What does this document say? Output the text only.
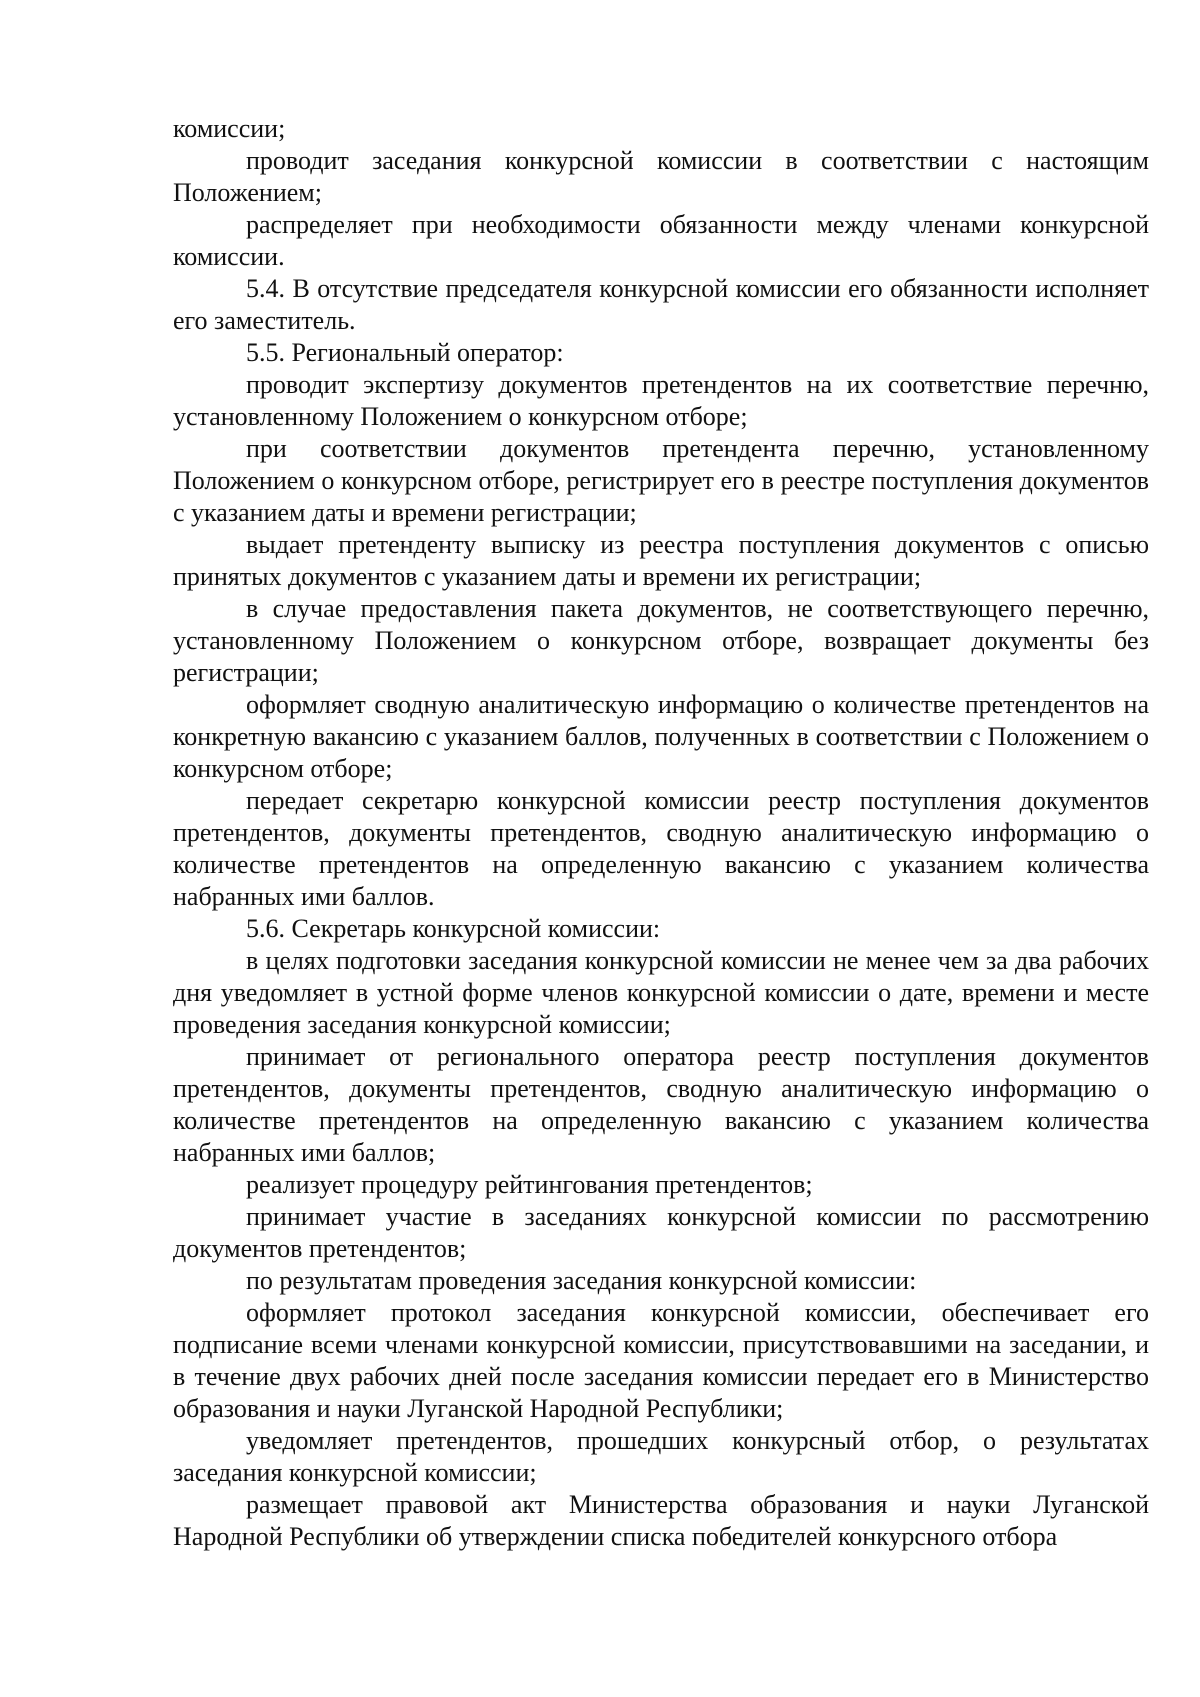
комиссии;

проводит заседания конкурсной комиссии в соответствии с настоящим Положением;

распределяет при необходимости обязанности между членами конкурсной комиссии.

5.4. В отсутствие председателя конкурсной комиссии его обязанности исполняет его заместитель.

5.5. Региональный оператор:

проводит экспертизу документов претендентов на их соответствие перечню, установленному Положением о конкурсном отборе;

при соответствии документов претендента перечню, установленному Положением о конкурсном отборе, регистрирует его в реестре поступления документов с указанием даты и времени регистрации;

выдает претенденту выписку из реестра поступления документов с описью принятых документов с указанием даты и времени их регистрации;

в случае предоставления пакета документов, не соответствующего перечню, установленному Положением о конкурсном отборе, возвращает документы без регистрации;

оформляет сводную аналитическую информацию о количестве претендентов на конкретную вакансию с указанием баллов, полученных в соответствии с Положением о конкурсном отборе;

передает секретарю конкурсной комиссии реестр поступления документов претендентов, документы претендентов, сводную аналитическую информацию о количестве претендентов на определенную вакансию с указанием количества набранных ими баллов.

5.6. Секретарь конкурсной комиссии:

в целях подготовки заседания конкурсной комиссии не менее чем за два рабочих дня уведомляет в устной форме членов конкурсной комиссии о дате, времени и месте проведения заседания конкурсной комиссии;

принимает от регионального оператора реестр поступления документов претендентов, документы претендентов, сводную аналитическую информацию о количестве претендентов на определенную вакансию с указанием количества набранных ими баллов;

реализует процедуру рейтингования претендентов;

принимает участие в заседаниях конкурсной комиссии по рассмотрению документов претендентов;

по результатам проведения заседания конкурсной комиссии:

оформляет протокол заседания конкурсной комиссии, обеспечивает его подписание всеми членами конкурсной комиссии, присутствовавшими на заседании, и в течение двух рабочих дней после заседания комиссии передает его в Министерство образования и науки Луганской Народной Республики;

уведомляет претендентов, прошедших конкурсный отбор, о результатах заседания конкурсной комиссии;

размещает правовой акт Министерства образования и науки Луганской Народной Республики об утверждении списка победителей конкурсного отбора
